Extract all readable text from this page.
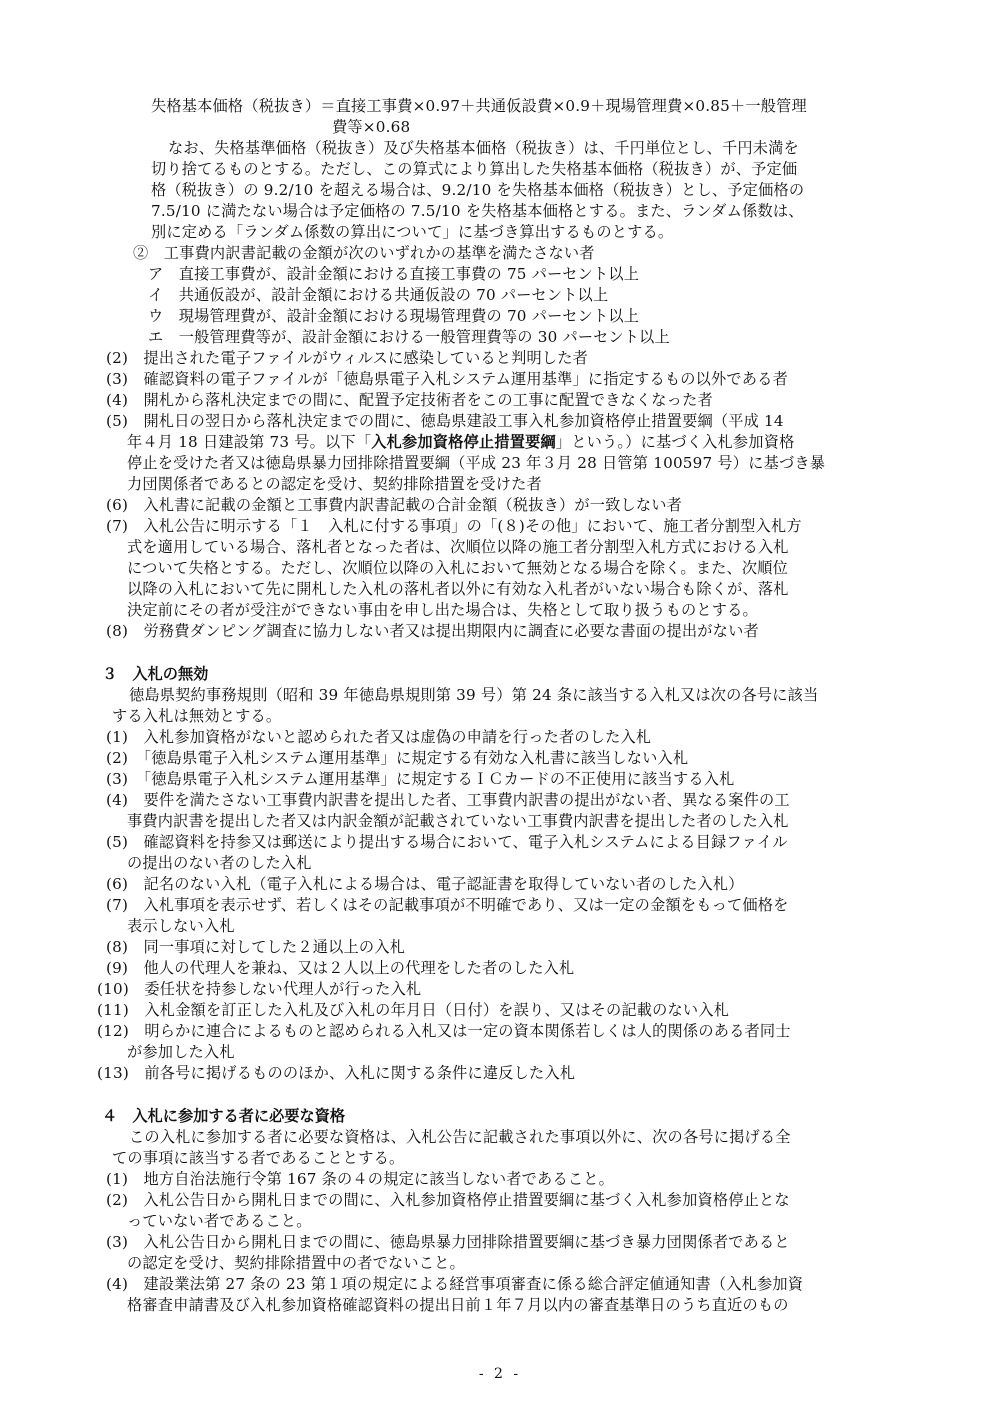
失格基本価格（税抜き）＝直接工事費×0.97＋共通仮設費×0.9＋現場管理費×0.85＋一般管理
費等×0.68
なお、失格基準価格（税抜き）及び失格基本価格（税抜き）は、千円単位とし、千円未満を
切り捨てるものとする。ただし、この算式により算出した失格基本価格（税抜き）が、予定価
格（税抜き）の 9.2/10 を超える場合は、9.2/10 を失格基本価格（税抜き）とし、予定価格の
7.5/10 に満たない場合は予定価格の 7.5/10 を失格基本価格とする。また、ランダム係数は、
別に定める「ランダム係数の算出について」に基づき算出するものとする。
②　工事費内訳書記載の金額が次のいずれかの基準を満たさない者
ア　直接工事費が、設計金額における直接工事費の 75 パーセント以上
イ　共通仮設が、設計金額における共通仮設の 70 パーセント以上
ウ　現場管理費が、設計金額における現場管理費の 70 パーセント以上
エ　一般管理費等が、設計金額における一般管理費等の 30 パーセント以上
(2)　提出された電子ファイルがウィルスに感染していると判明した者
(3)　確認資料の電子ファイルが「徳島県電子入札システム運用基準」に指定するもの以外である者
(4)　開札から落札決定までの間に、配置予定技術者をこの工事に配置できなくなった者
(5)　開札日の翌日から落札決定までの間に、徳島県建設工事入札参加資格停止措置要綱（平成 14
年４月 18 日建設第 73 号。以下「入札参加資格停止措置要綱」という。）に基づく入札参加資格
停止を受けた者又は徳島県暴力団排除措置要綱（平成 23 年３月 28 日管第 100597 号）に基づき暴
力団関係者であるとの認定を受け、契約排除措置を受けた者
(6)　入札書に記載の金額と工事費内訳書記載の合計金額（税抜き）が一致しない者
(7)　入札公告に明示する「１　入札に付する事項」の「(８)その他」において、施工者分割型入札方
式を適用している場合、落札者となった者は、次順位以降の施工者分割型入札方式における入札
について失格とする。ただし、次順位以降の入札において無効となる場合を除く。また、次順位
以降の入札において先に開札した入札の落札者以外に有効な入札者がいない場合も除くが、落札
決定前にその者が受注ができない事由を申し出た場合は、失格として取り扱うものとする。
(8)　労務費ダンピング調査に協力しない者又は提出期限内に調査に必要な書面の提出がない者
３　入札の無効
徳島県契約事務規則（昭和 39 年徳島県規則第 39 号）第 24 条に該当する入札又は次の各号に該当
する入札は無効とする。
(1)　入札参加資格がないと認められた者又は虚偽の申請を行った者のした入札
(2)　「徳島県電子入札システム運用基準」に規定する有効な入札書に該当しない入札
(3)　「徳島県電子入札システム運用基準」に規定するＩＣカードの不正使用に該当する入札
(4)　要件を満たさない工事費内訳書を提出した者、工事費内訳書の提出がない者、異なる案件の工
事費内訳書を提出した者又は内訳金額が記載されていない工事費内訳書を提出した者のした入札
(5)　確認資料を持参又は郵送により提出する場合において、電子入札システムによる目録ファイル
の提出のない者のした入札
(6)　記名のない入札（電子入札による場合は、電子認証書を取得していない者のした入札）
(7)　入札事項を表示せず、若しくはその記載事項が不明確であり、又は一定の金額をもって価格を
表示しない入札
(8)　同一事項に対してした２通以上の入札
(9)　他人の代理人を兼ね、又は２人以上の代理をした者のした入札
(10)　委任状を持参しない代理人が行った入札
(11)　入札金額を訂正した入札及び入札の年月日（日付）を誤り、又はその記載のない入札
(12)　明らかに連合によるものと認められる入札又は一定の資本関係若しくは人的関係のある者同士
が参加した入札
(13)　前各号に掲げるもののほか、入札に関する条件に違反した入札
４　入札に参加する者に必要な資格
この入札に参加する者に必要な資格は、入札公告に記載された事項以外に、次の各号に掲げる全
ての事項に該当する者であることとする。
(1)　地方自治法施行令第 167 条の４の規定に該当しない者であること。
(2)　入札公告日から開札日までの間に、入札参加資格停止措置要綱に基づく入札参加資格停止とな
っていない者であること。
(3)　入札公告日から開札日までの間に、徳島県暴力団排除措置要綱に基づき暴力団関係者であると
の認定を受け、契約排除措置中の者でないこと。
(4)　建設業法第 27 条の 23 第１項の規定による経営事項審査に係る総合評定値通知書（入札参加資
格審査申請書及び入札参加資格確認資料の提出日前１年７月以内の審査基準日のうち直近のもの
- 2 -
